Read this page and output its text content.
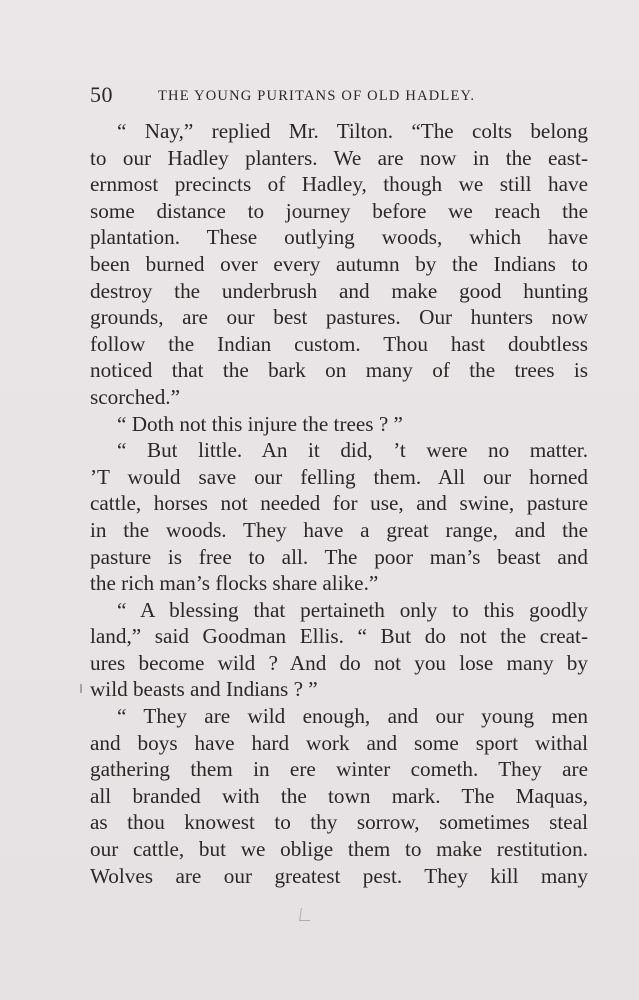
50	THE YOUNG PURITANS OF OLD HADLEY.
“ Nay,” replied Mr. Tilton. “The colts belong
to our Hadley planters. We are now in the east-
ernmost precincts of Hadley, though we still have
some distance to journey before we reach the
plantation. These outlying woods, which have
been burned over every autumn by the Indians to
destroy the underbrush and make good hunting
grounds, are our best pastures. Our hunters now
follow the Indian custom. Thou hast doubtless
noticed that the bark on many of the trees is
scorched.”
“ Doth not this injure the trees ? ”
“ But little. An it did, ’t were no matter.
’T would save our felling them. All our horned
cattle, horses not needed for use, and swine, pasture
in the woods. They have a great range, and the
pasture is free to all. The poor man’s beast and
the rich man’s flocks share alike.”
“ A blessing that pertaineth only to this goodly
land,” said Goodman Ellis. “ But do not the creat-
ures become wild ? And do not you lose many by
wild beasts and Indians ? ”
“ They are wild enough, and our young men
and boys have hard work and some sport withal
gathering them in ere winter cometh. They are
all branded with the town mark. The Maquas,
as thou knowest to thy sorrow, sometimes steal
our cattle, but we oblige them to make restitution.
Wolves are our greatest pest. They kill many
